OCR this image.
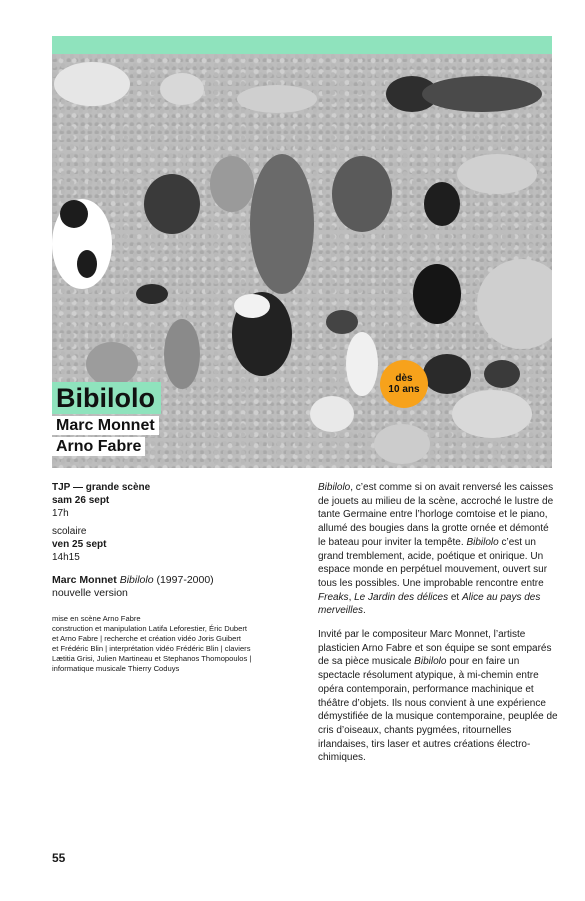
Bibilolo
Marc Monnet
Arno Fabre
dès
10 ans
TJP — grande scène
sam 26 sept
17h
scolaire
ven 25 sept
14h15
Marc Monnet Bibilolo (1997-2000)
nouvelle version
mise en scène Arno Fabre
construction et manipulation Latifa Leforestier, Éric Dubert
et Arno Fabre | recherche et création vidéo Joris Guibert
et Frédéric Blin | interprétation vidéo Frédéric Blin | claviers
Lætitia Grisi, Julien Martineau et Stephanos Thomopoulos |
informatique musicale Thierry Coduys

Bibilolo, c’est comme si on avait renversé les caisses de jouets au milieu de la scène, accroché le lustre de tante Germaine entre l’horloge comtoise et le piano, allumé des bougies dans la grotte ornée et démonté le bateau pour inviter la tempête. Bibilolo c’est un grand tremblement, acide, poétique et onirique. Un espace monde en perpétuel mouvement, ouvert sur tous les possibles. Une improbable rencontre entre Freaks, Le Jardin des délices et Alice au pays des merveilles.

Invité par le compositeur Marc Monnet, l’artiste plasticien Arno Fabre et son équipe se sont emparés de sa pièce musicale Bibilolo pour en faire un spectacle résolument atypique, à mi-chemin entre opéra contemporain, performance machinique et théâtre d’objets. Ils nous convient à une expérience démystifiée de la musique contemporaine, peuplée de cris d’oiseaux, chants pygmées, ritournelles irlandaises, tirs laser et autres créations électro-chimiques.

55
